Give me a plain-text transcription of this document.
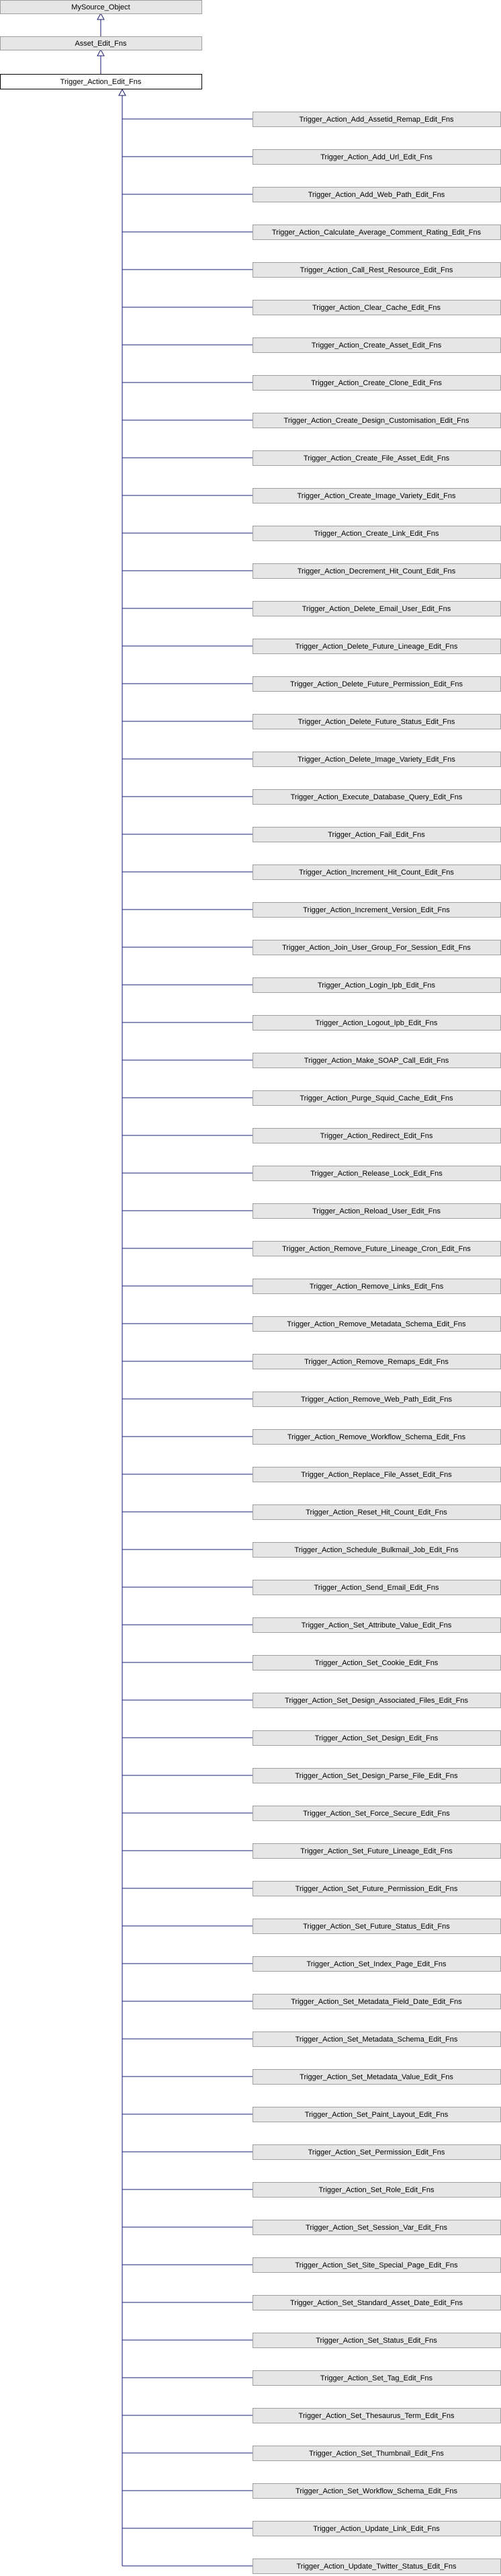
MySource_Object
Asset_Edit_Fns
Trigger_Action_Edit_Fns
Trigger_Action_Add_Assetid_Remap_Edit_Fns
Trigger_Action_Add_Url_Edit_Fns
Trigger_Action_Add_Web_Path_Edit_Fns
Trigger_Action_Calculate_Average_Comment_Rating_Edit_Fns
Trigger_Action_Call_Rest_Resource_Edit_Fns
Trigger_Action_Clear_Cache_Edit_Fns
Trigger_Action_Create_Asset_Edit_Fns
Trigger_Action_Create_Clone_Edit_Fns
Trigger_Action_Create_Design_Customisation_Edit_Fns
Trigger_Action_Create_File_Asset_Edit_Fns
Trigger_Action_Create_Image_Variety_Edit_Fns
Trigger_Action_Create_Link_Edit_Fns
Trigger_Action_Decrement_Hit_Count_Edit_Fns
Trigger_Action_Delete_Email_User_Edit_Fns
Trigger_Action_Delete_Future_Lineage_Edit_Fns
Trigger_Action_Delete_Future_Permission_Edit_Fns
Trigger_Action_Delete_Future_Status_Edit_Fns
Trigger_Action_Delete_Image_Variety_Edit_Fns
Trigger_Action_Execute_Database_Query_Edit_Fns
Trigger_Action_Fail_Edit_Fns
Trigger_Action_Increment_Hit_Count_Edit_Fns
Trigger_Action_Increment_Version_Edit_Fns
Trigger_Action_Join_User_Group_For_Session_Edit_Fns
Trigger_Action_Login_Ipb_Edit_Fns
Trigger_Action_Logout_Ipb_Edit_Fns
Trigger_Action_Make_SOAP_Call_Edit_Fns
Trigger_Action_Purge_Squid_Cache_Edit_Fns
Trigger_Action_Redirect_Edit_Fns
Trigger_Action_Release_Lock_Edit_Fns
Trigger_Action_Reload_User_Edit_Fns
Trigger_Action_Remove_Future_Lineage_Cron_Edit_Fns
Trigger_Action_Remove_Links_Edit_Fns
Trigger_Action_Remove_Metadata_Schema_Edit_Fns
Trigger_Action_Remove_Remaps_Edit_Fns
Trigger_Action_Remove_Web_Path_Edit_Fns
Trigger_Action_Remove_Workflow_Schema_Edit_Fns
Trigger_Action_Replace_File_Asset_Edit_Fns
Trigger_Action_Reset_Hit_Count_Edit_Fns
Trigger_Action_Schedule_Bulkmail_Job_Edit_Fns
Trigger_Action_Send_Email_Edit_Fns
Trigger_Action_Set_Attribute_Value_Edit_Fns
Trigger_Action_Set_Cookie_Edit_Fns
Trigger_Action_Set_Design_Associated_Files_Edit_Fns
Trigger_Action_Set_Design_Edit_Fns
Trigger_Action_Set_Design_Parse_File_Edit_Fns
Trigger_Action_Set_Force_Secure_Edit_Fns
Trigger_Action_Set_Future_Lineage_Edit_Fns
Trigger_Action_Set_Future_Permission_Edit_Fns
Trigger_Action_Set_Future_Status_Edit_Fns
Trigger_Action_Set_Index_Page_Edit_Fns
Trigger_Action_Set_Metadata_Field_Date_Edit_Fns
Trigger_Action_Set_Metadata_Schema_Edit_Fns
Trigger_Action_Set_Metadata_Value_Edit_Fns
Trigger_Action_Set_Paint_Layout_Edit_Fns
Trigger_Action_Set_Permission_Edit_Fns
Trigger_Action_Set_Role_Edit_Fns
Trigger_Action_Set_Session_Var_Edit_Fns
Trigger_Action_Set_Site_Special_Page_Edit_Fns
Trigger_Action_Set_Standard_Asset_Date_Edit_Fns
Trigger_Action_Set_Status_Edit_Fns
Trigger_Action_Set_Tag_Edit_Fns
Trigger_Action_Set_Thesaurus_Term_Edit_Fns
Trigger_Action_Set_Thumbnail_Edit_Fns
Trigger_Action_Set_Workflow_Schema_Edit_Fns
Trigger_Action_Update_Link_Edit_Fns
Trigger_Action_Update_Twitter_Status_Edit_Fns
